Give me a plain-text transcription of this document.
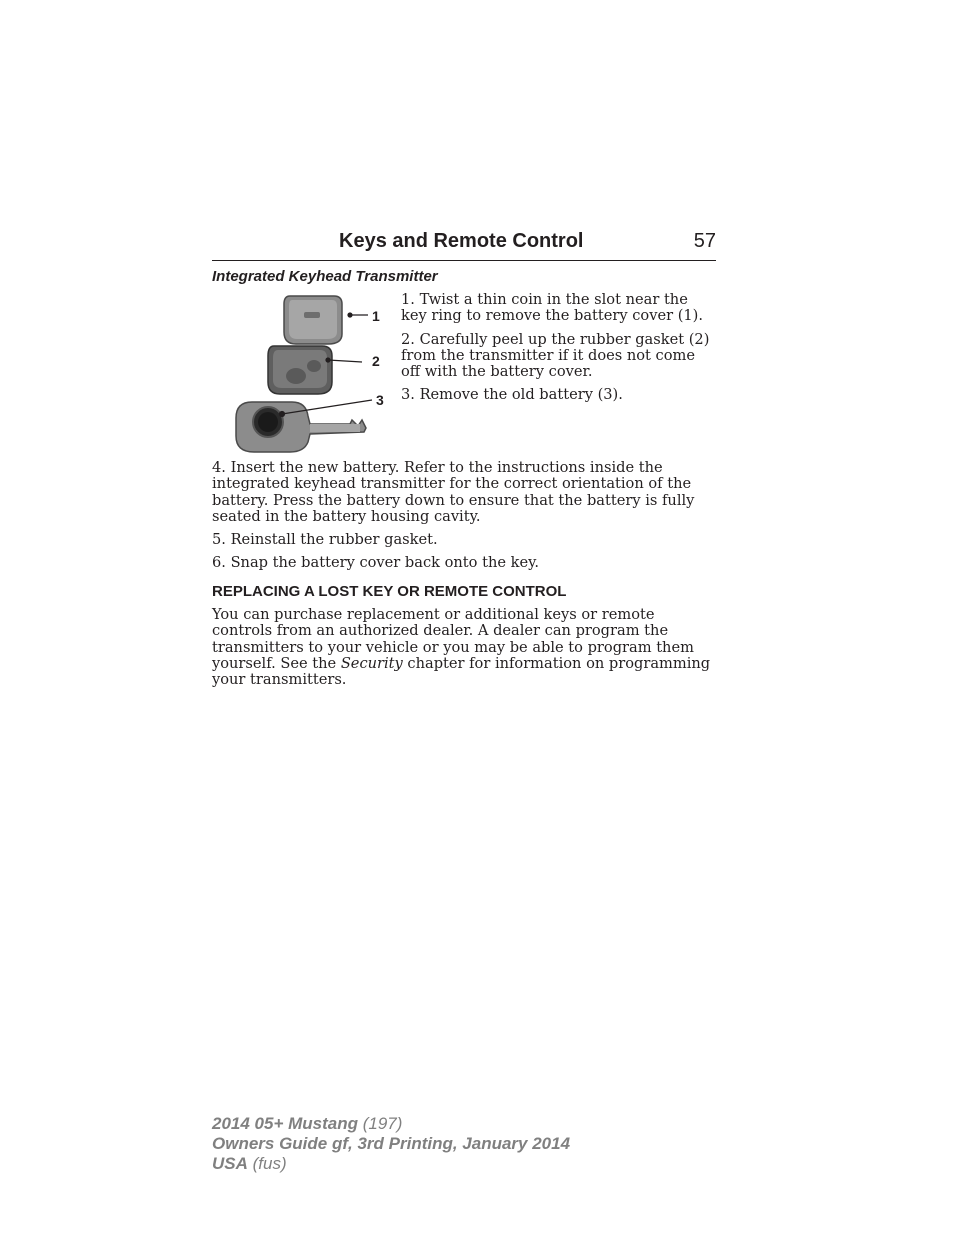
Keys and Remote Control	57
Integrated Keyhead Transmitter
1
2
3

1. Twist a thin coin in the slot near the key ring to remove the battery cover (1).

2. Carefully peel up the rubber gasket (2) from the transmitter if it does not come off with the battery cover.

3. Remove the old battery (3).

4. Insert the new battery. Refer to the instructions inside the integrated keyhead transmitter for the correct orientation of the battery. Press the battery down to ensure that the battery is fully seated in the battery housing cavity.

5. Reinstall the rubber gasket.

6. Snap the battery cover back onto the key.

REPLACING A LOST KEY OR REMOTE CONTROL

You can purchase replacement or additional keys or remote controls from an authorized dealer. A dealer can program the transmitters to your vehicle or you may be able to program them yourself. See the Security chapter for information on programming your transmitters.

2014 05+ Mustang (197)
Owners Guide gf, 3rd Printing, January 2014
USA (fus)
